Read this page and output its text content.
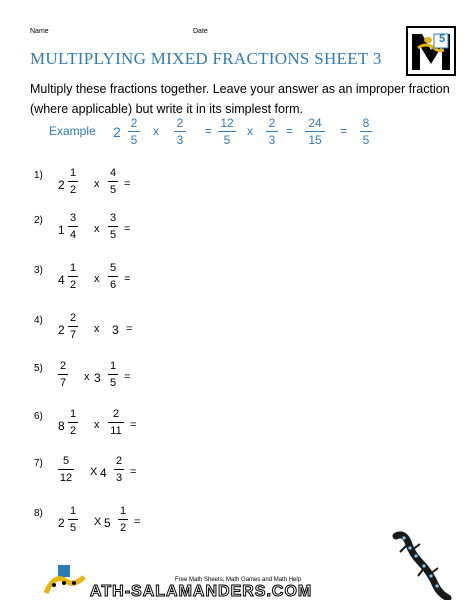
Name	Date
MULTIPLYING MIXED FRACTIONS SHEET 3
5
Multiply these fractions together. Leave your answer as an improper fraction (where applicable) but write it in its simplest form.
Example 2
2
5
x
2
3
=
12
5
x
2
3
=
24
15
=
8
5
1)
2
1
2 x
4
5 =
2)
1
3
4 x
3
5 =
3)
4
1
2 x
5
6 =
4)
2
2
7 x 3 =
5) 2
7 x 3
1
5 =
6)
8
1
2 x
2
11 =
7)	5
12 X 4
2
3 =
8)
2
1
5 X 5
1
2 =
Free Math Sheets, Math Games and Math Help
ATH-SALAMANDERS.COM
